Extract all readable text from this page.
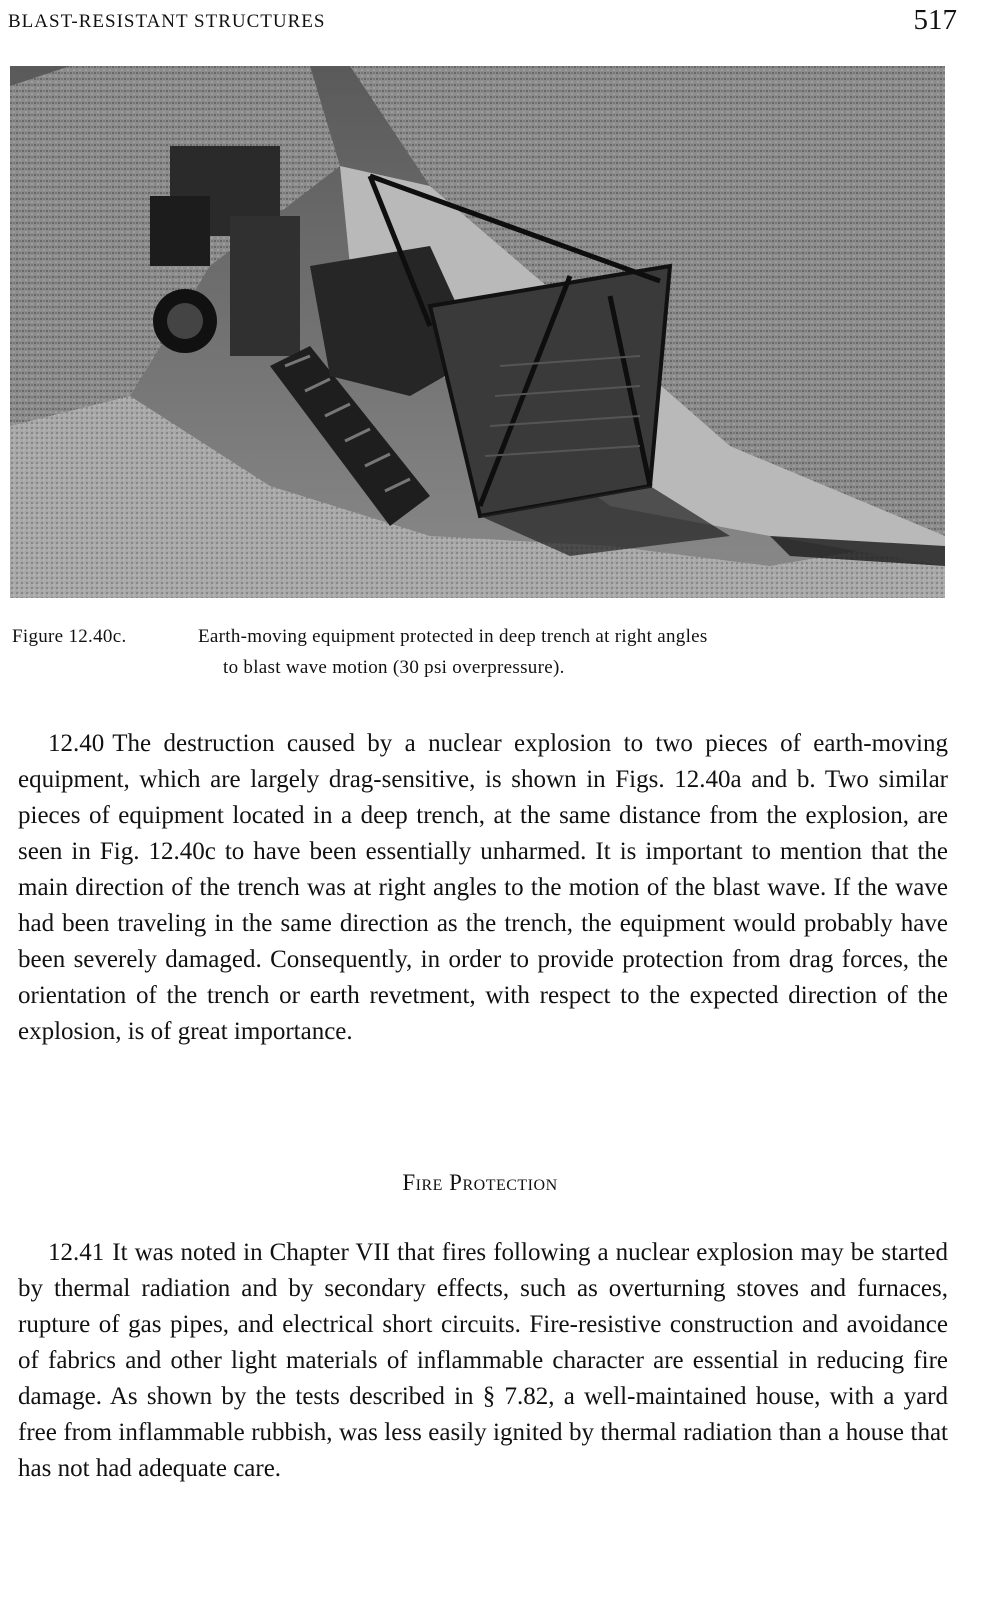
BLAST-RESISTANT STRUCTURES	517
Figure 12.40c.	Earth-moving equipment protected in deep trench at right angles
to blast wave motion (30 psi overpressure).
12.40 The destruction caused by a nuclear explosion to two pieces of earth-moving equipment, which are largely drag-sensitive, is shown in Figs. 12.40a and b. Two similar pieces of equipment located in a deep trench, at the same distance from the explosion, are seen in Fig. 12.40c to have been essentially unharmed. It is important to mention that the main direction of the trench was at right angles to the motion of the blast wave. If the wave had been traveling in the same direction as the trench, the equipment would probably have been severely damaged. Consequently, in order to provide protection from drag forces, the orientation of the trench or earth revetment, with respect to the expected direction of the explosion, is of great importance.
Fire Protection
12.41 It was noted in Chapter VII that fires following a nuclear explosion may be started by thermal radiation and by secondary effects, such as overturning stoves and furnaces, rupture of gas pipes, and electrical short circuits. Fire-resistive construction and avoidance of fabrics and other light materials of inflammable character are essential in reducing fire damage. As shown by the tests described in § 7.82, a well-maintained house, with a yard free from inflammable rubbish, was less easily ignited by thermal radiation than a house that has not had adequate care.
